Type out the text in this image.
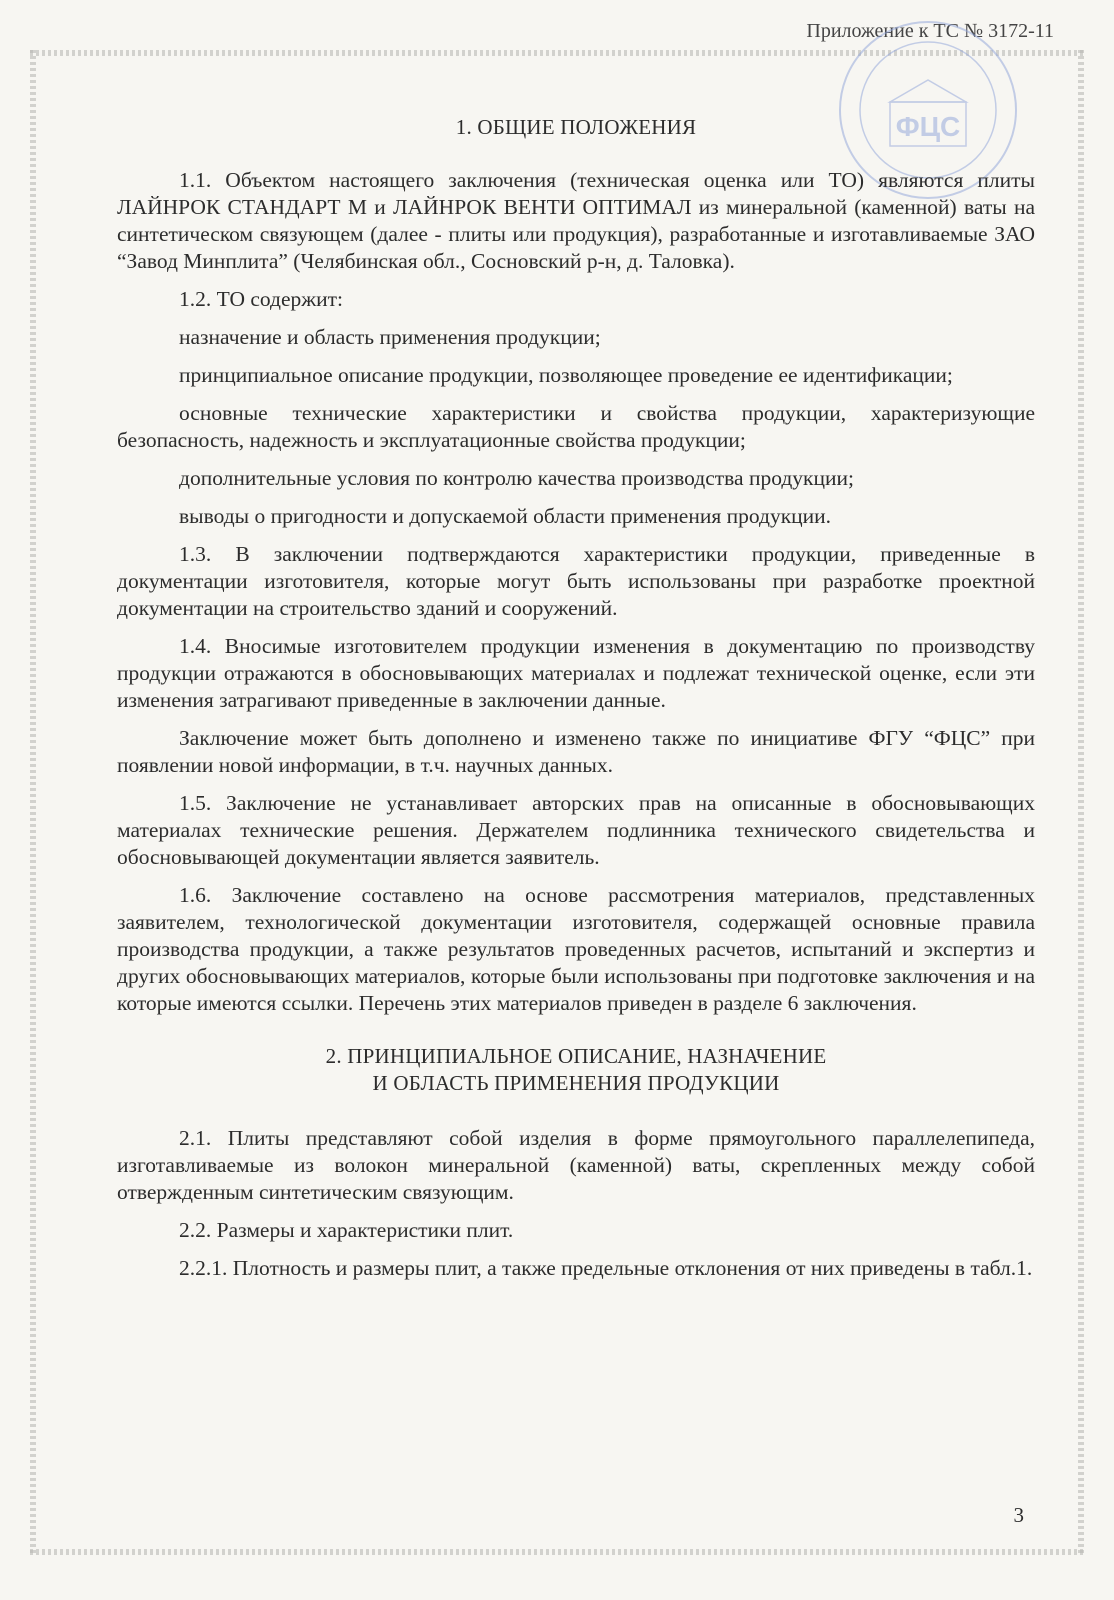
Приложение к ТС № 3172-11
ФЦС
1. ОБЩИЕ ПОЛОЖЕНИЯ

1.1. Объектом настоящего заключения (техническая оценка или ТО) являются плиты ЛАЙНРОК СТАНДАРТ М и ЛАЙНРОК ВЕНТИ ОПТИМАЛ из минеральной (каменной) ваты на синтетическом связующем (далее - плиты или продукция), разработанные и изготавливаемые ЗАО “Завод Минплита” (Челябинская обл., Сосновский р-н, д. Таловка).

1.2. ТО содержит:

назначение и область применения продукции;

принципиальное описание продукции, позволяющее проведение ее идентификации;

основные технические характеристики и свойства продукции, характеризующие безопасность, надежность и эксплуатационные свойства продукции;

дополнительные условия по контролю качества производства продукции;

выводы о пригодности и допускаемой области применения продукции.

1.3. В заключении подтверждаются характеристики продукции, приведенные в документации изготовителя, которые могут быть использованы при разработке проектной документации на строительство зданий и сооружений.

1.4. Вносимые изготовителем продукции изменения в документацию по производству продукции отражаются в обосновывающих материалах и подлежат технической оценке, если эти изменения затрагивают приведенные в заключении данные.

Заключение может быть дополнено и изменено также по инициативе ФГУ “ФЦС” при появлении новой информации, в т.ч. научных данных.

1.5. Заключение не устанавливает авторских прав на описанные в обосновывающих материалах технические решения. Держателем подлинника технического свидетельства и обосновывающей документации является заявитель.

1.6. Заключение составлено на основе рассмотрения материалов, представленных заявителем, технологической документации изготовителя, содержащей основные правила производства продукции, а также результатов проведенных расчетов, испытаний и экспертиз и других обосновывающих материалов, которые были использованы при подготовке заключения и на которые имеются ссылки. Перечень этих материалов приведен в разделе 6 заключения.

2. ПРИНЦИПИАЛЬНОЕ ОПИСАНИЕ, НАЗНАЧЕНИЕ
И ОБЛАСТЬ ПРИМЕНЕНИЯ ПРОДУКЦИИ

2.1. Плиты представляют собой изделия в форме прямоугольного параллелепипеда, изготавливаемые из волокон минеральной (каменной) ваты, скрепленных между собой отвержденным синтетическим связующим.

2.2. Размеры и характеристики плит.

2.2.1. Плотность и размеры плит, а также предельные отклонения от них приведены в табл.1.

3
